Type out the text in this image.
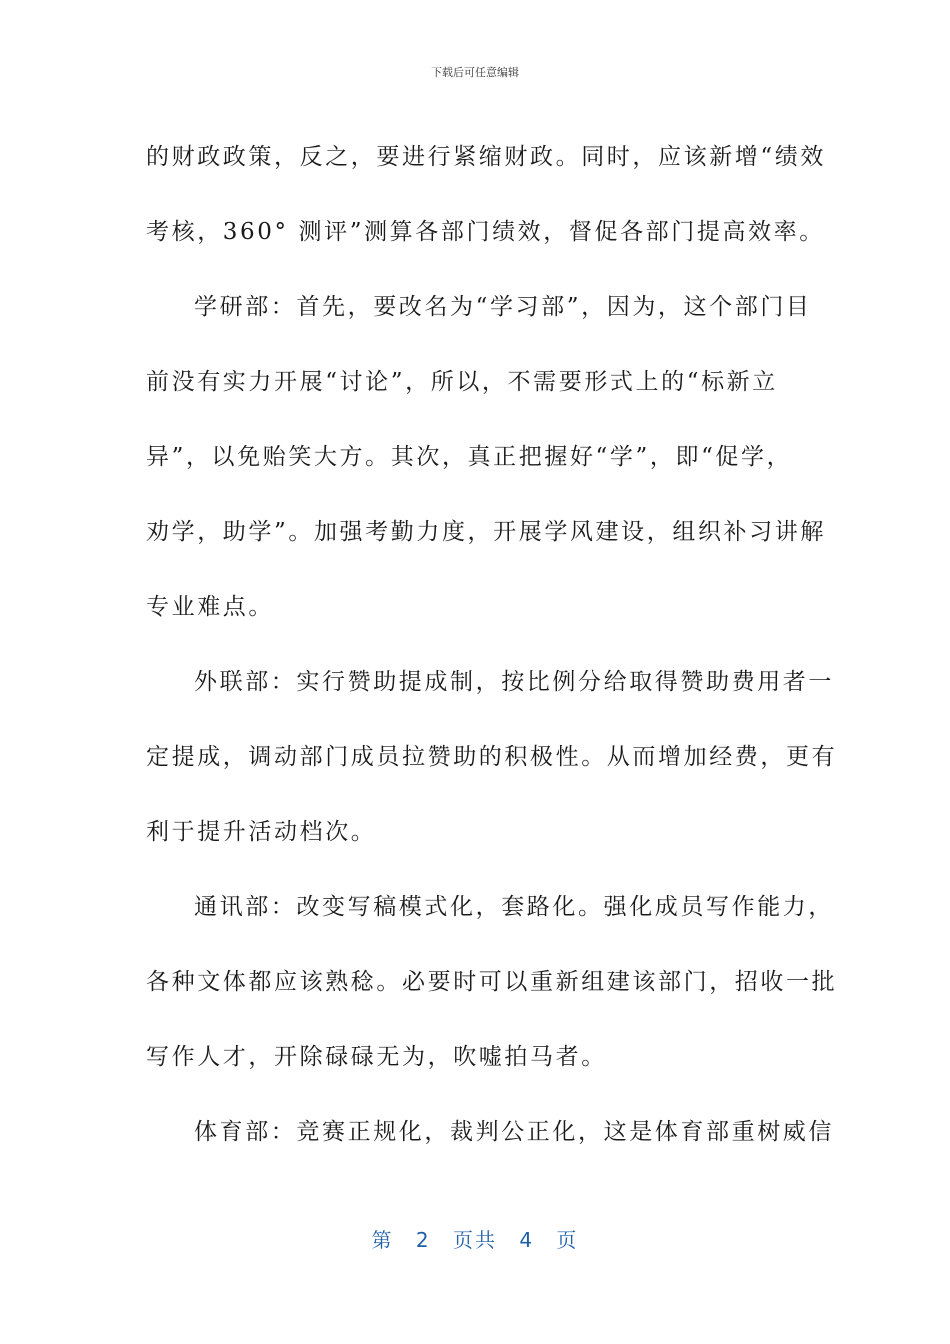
下载后可任意编辑
的财政政策，反之，要进行紧缩财政。同时，应该新增“绩效
考核，360° 测评”测算各部门绩效，督促各部门提高效率。
学研部：首先，要改名为“学习部”，因为，这个部门目
前没有实力开展“讨论”，所以，不需要形式上的“标新立
异”，以免贻笑大方。其次，真正把握好“学”，即“促学，
劝学，助学”。加强考勤力度，开展学风建设，组织补习讲解
专业难点。
外联部：实行赞助提成制，按比例分给取得赞助费用者一
定提成，调动部门成员拉赞助的积极性。从而增加经费，更有
利于提升活动档次。
通讯部：改变写稿模式化，套路化。强化成员写作能力，
各种文体都应该熟稔。必要时可以重新组建该部门，招收一批
写作人才，开除碌碌无为，吹嘘拍马者。
体育部：竞赛正规化，裁判公正化，这是体育部重树威信
第 2 页共 4 页
